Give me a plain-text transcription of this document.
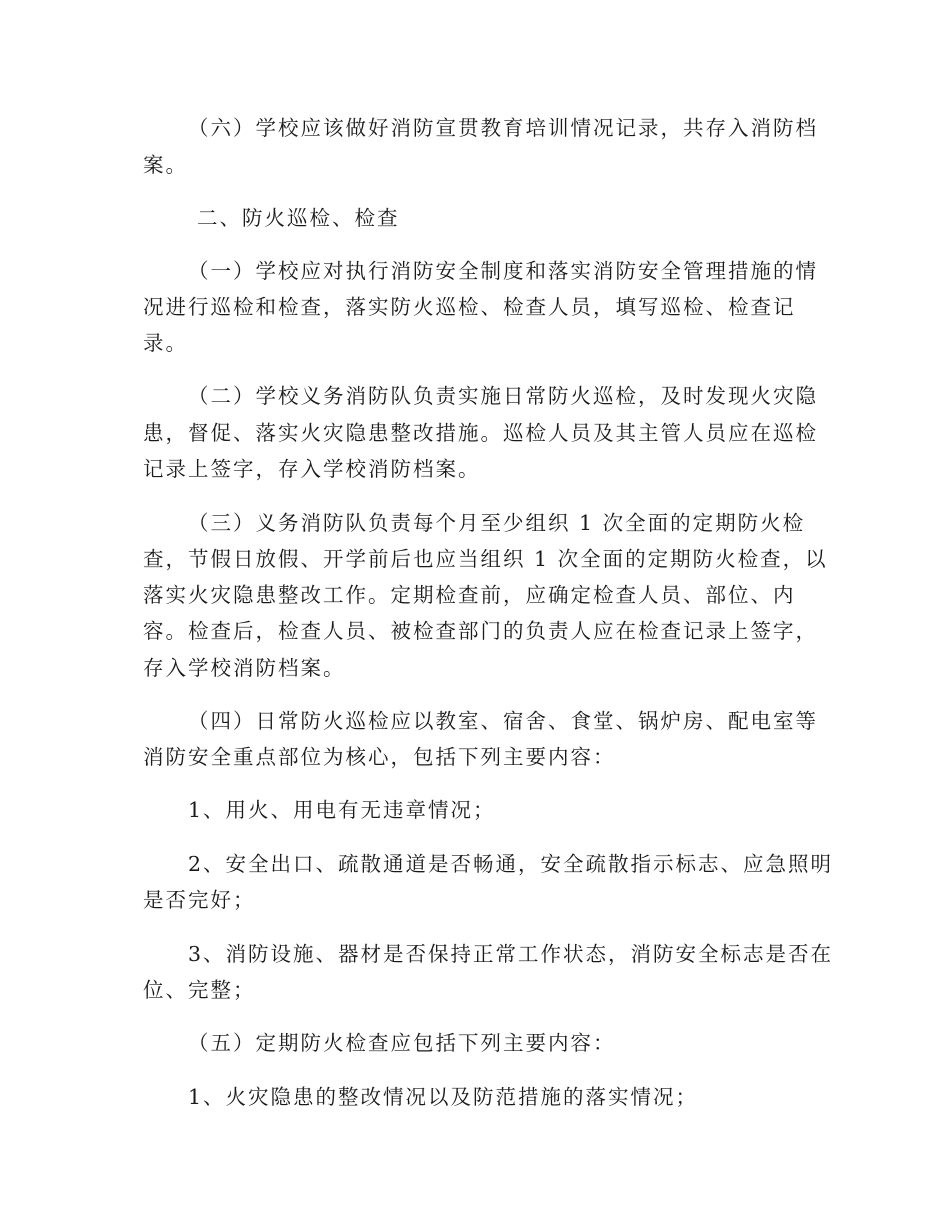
（六）学校应该做好消防宣贯教育培训情况记录，共存入消防档
案。
二、防火巡检、检查
（一）学校应对执行消防安全制度和落实消防安全管理措施的情
况进行巡检和检查，落实防火巡检、检查人员，填写巡检、检查记
录。
（二）学校义务消防队负责实施日常防火巡检，及时发现火灾隐
患，督促、落实火灾隐患整改措施。巡检人员及其主管人员应在巡检
记录上签字，存入学校消防档案。
（三）义务消防队负责每个月至少组织 1 次全面的定期防火检
查，节假日放假、开学前后也应当组织 1 次全面的定期防火检查，以
落实火灾隐患整改工作。定期检查前，应确定检查人员、部位、内
容。检查后，检查人员、被检查部门的负责人应在检查记录上签字，
存入学校消防档案。
（四）日常防火巡检应以教室、宿舍、食堂、锅炉房、配电室等
消防安全重点部位为核心，包括下列主要内容：
1、用火、用电有无违章情况；
2、安全出口、疏散通道是否畅通，安全疏散指示标志、应急照明
是否完好；
3、消防设施、器材是否保持正常工作状态，消防安全标志是否在
位、完整；
（五）定期防火检查应包括下列主要内容：
1、火灾隐患的整改情况以及防范措施的落实情况；
